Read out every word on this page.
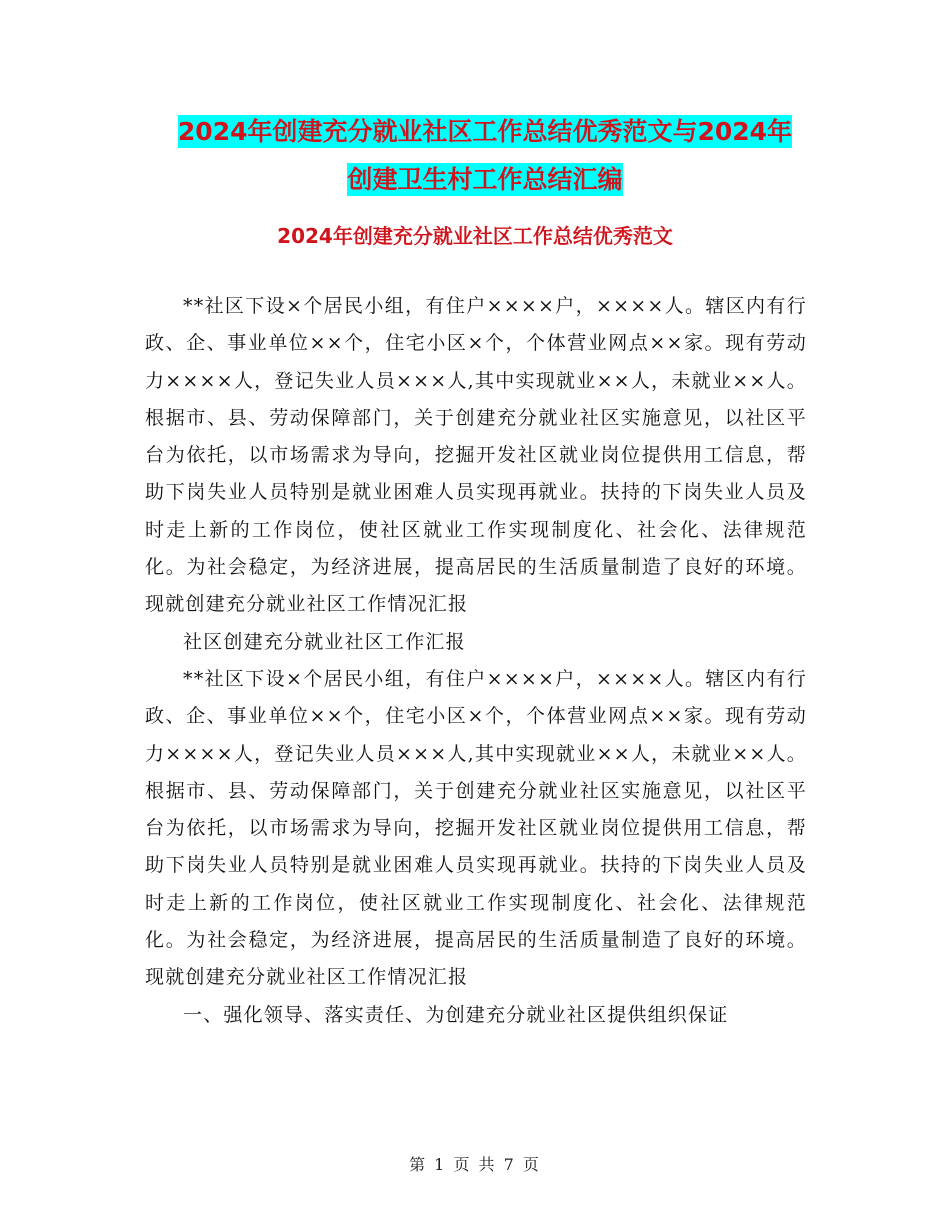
2024年创建充分就业社区工作总结优秀范文与2024年
创建卫生村工作总结汇编
2024年创建充分就业社区工作总结优秀范文

**社区下设×个居民小组，有住户××××户，××××人。辖区内有行政、企、事业单位××个，住宅小区×个，个体营业网点××家。现有劳动力××××人，登记失业人员×××人,其中实现就业××人，未就业××人。根据市、县、劳动保障部门，关于创建充分就业社区实施意见，以社区平台为依托，以市场需求为导向，挖掘开发社区就业岗位提供用工信息，帮助下岗失业人员特别是就业困难人员实现再就业。扶持的下岗失业人员及时走上新的工作岗位，使社区就业工作实现制度化、社会化、法律规范化。为社会稳定，为经济进展，提高居民的生活质量制造了良好的环境。现就创建充分就业社区工作情况汇报

社区创建充分就业社区工作汇报

**社区下设×个居民小组，有住户××××户，××××人。辖区内有行政、企、事业单位××个，住宅小区×个，个体营业网点××家。现有劳动力××××人，登记失业人员×××人,其中实现就业××人，未就业××人。根据市、县、劳动保障部门，关于创建充分就业社区实施意见，以社区平台为依托，以市场需求为导向，挖掘开发社区就业岗位提供用工信息，帮助下岗失业人员特别是就业困难人员实现再就业。扶持的下岗失业人员及时走上新的工作岗位，使社区就业工作实现制度化、社会化、法律规范化。为社会稳定，为经济进展，提高居民的生活质量制造了良好的环境。现就创建充分就业社区工作情况汇报

一、强化领导、落实责任、为创建充分就业社区提供组织保证

第 1 页 共 7 页
